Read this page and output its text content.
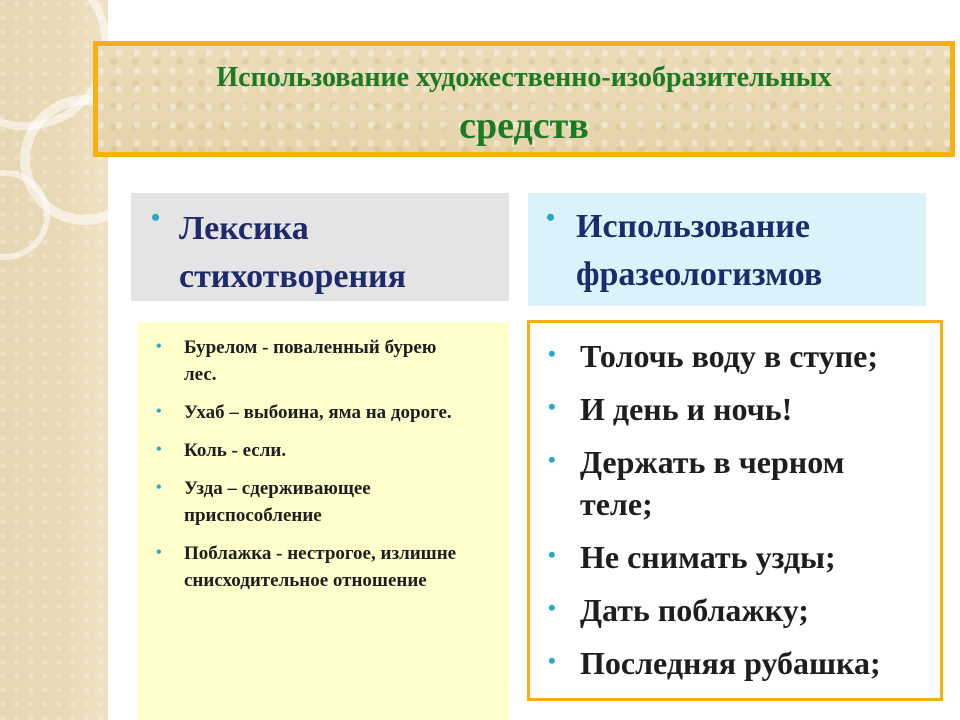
Использование художественно-изобразительных
средств
• Лексика стихотворения
• Использование фразеологизмов
• Бурелом - поваленный бурею лес.
• Ухаб – выбоина, яма на дороге.
• Коль - если.
• Узда – сдерживающее приспособление
• Поблажка - нестрогое, излишне снисходительное отношение
• Толочь воду в ступе;
• И день и ночь!
• Держать в черном теле;
• Не снимать узды;
• Дать поблажку;
• Последняя рубашка;
